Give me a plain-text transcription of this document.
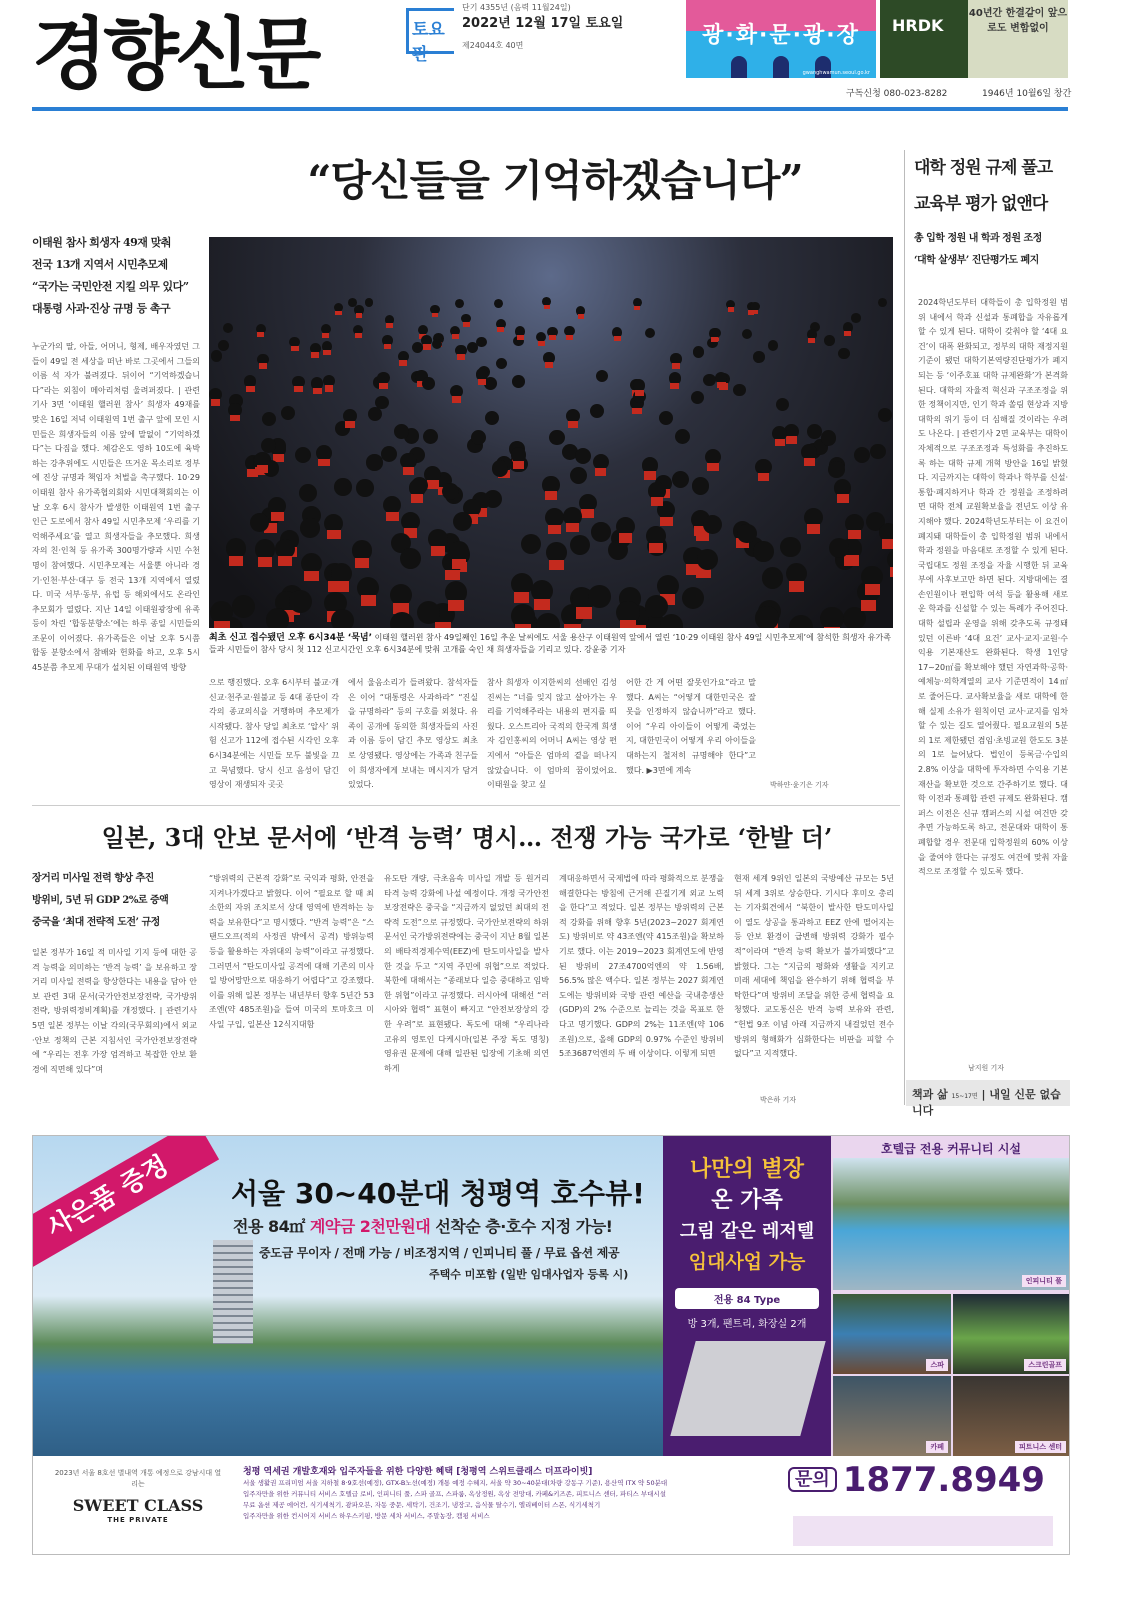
경향신문	토요판
단기 4355년 (음력 11월24일)
2022년 12월 17일 토요일
제24044호 40면	광·화·문·광·장
gwanghwamun.seoul.go.kr
HRDK
40년간 한결같이 앞으로도 변함없이
구독신청 080-023-8282	1946년 10월6일 창간
“당신들을 기억하겠습니다”
이태원 참사 희생자 49재 맞춰
전국 13개 지역서 시민추모제
“국가는 국민안전 지킬 의무 있다”
대통령 사과·진상 규명 등 촉구
누군가의 딸, 아들, 어머니, 형제, 배우자였던 그들이 49일 전 세상을 떠난 바로 그곳에서 그들의 이름 석 자가 불려졌다. 뒤이어 “기억하겠습니다”라는 외침이 메아리처럼 울려퍼졌다. | 관련기사 3면 ‘이태원 핼러윈 참사’ 희생자 49재를 맞은 16일 저녁 이태원역 1번 출구 앞에 모인 시민들은 희생자들의 이름 앞에 말없이 “기억하겠다”는 다짐을 했다. 체감온도 영하 10도에 육박하는 강추위에도 시민들은 뜨거운 목소리로 정부에 진상 규명과 책임자 처벌을 촉구했다. 10·29 이태원 참사 유가족협의회와 시민대책회의는 이날 오후 6시 참사가 발생한 이태원역 1번 출구 인근 도로에서 참사 49일 시민추모제 ‘우리를 기억해주세요’를 열고 희생자들을 추모했다. 희생자의 친·인척 등 유가족 300명가량과 시민 수천명이 참여했다. 시민추모제는 서울뿐 아니라 경기·인천·부산·대구 등 전국 13개 지역에서 열렸다. 미국 서부·동부, 유럽 등 해외에서도 온라인 추모회가 열렸다. 지난 14일 이태원광장에 유족 등이 차린 ‘합동분향소’에는 하루 종일 시민들의 조문이 이어졌다. 유가족들은 이날 오후 5시쯤 합동 분향소에서 참배와 헌화를 하고, 오후 5시45분쯤 추모제 무대가 설치된 이태원역 방향
최초 신고 접수됐던 오후 6시34분 ‘묵념’ 이태원 핼러윈 참사 49일째인 16일 추운 날씨에도 서울 용산구 이태원역 앞에서 열린 ‘10·29 이태원 참사 49일 시민추모제’에 참석한 희생자 유가족들과 시민들이 참사 당시 첫 112 신고시간인 오후 6시34분에 맞춰 고개를 숙인 채 희생자들을 기리고 있다. 강윤중 기자
으로 행진했다. 오후 6시부터 불교·개신교·천주교·원불교 등 4대 종단이 각각의 종교의식을 거행하며 추모제가 시작됐다. 참사 당일 최초로 ‘압사’ 위험 신고가 112에 접수된 시각인 오후 6시34분에는 시민들 모두 불빛을 끄고 묵념했다. 당시 신고 음성이 담긴 영상이 재생되자 곳곳
에서 울음소리가 들려왔다. 참석자들은 이어 “대통령은 사과하라” “진실을 규명하라” 등의 구호를 외쳤다. 유족이 공개에 동의한 희생자들의 사진과 이름 등이 담긴 추모 영상도 최초로 상영됐다. 영상에는 가족과 친구들이 희생자에게 보내는 메시지가 담겨 있었다.
참사 희생자 이지한씨의 선배인 김성진씨는 “너를 잊지 않고 살아가는 우리를 기억해주라는 내용의 편지를 띄웠다. 오스트리아 국적의 한국계 희생자 김인홍씨의 어머니 A씨는 영상 편지에서 “아들은 엄마의 곁을 떠나지 않았습니다. 이 엄마의 꿈이었어요. 이태원을 찾고 싶
어한 간 게 어떤 잘못인가요”라고 말했다. A씨는 “어떻게 대한민국은 잘못을 인정하지 않습니까”라고 했다. 이어 “우리 아이들이 어떻게 죽었는지, 대한민국이 어떻게 우리 아이들을 대하는지 철저히 규명해야 한다”고 했다. ▶3면에 계속
박하얀·윤기은 기자
대학 정원 규제 풀고
교육부 평가 없앤다
총 입학 정원 내 학과 정원 조정
‘대학 살생부’ 진단평가도 폐지
2024학년도부터 대학들이 총 입학정원 범위 내에서 학과 신설과 통폐합을 자유롭게 할 수 있게 된다. 대학이 갖춰야 할 ‘4대 요건’이 대폭 완화되고, 정부의 대학 재정지원 기준이 됐던 대학기본역량진단평가가 폐지되는 등 ‘이주호표 대학 규제완화’가 본격화된다. 대학의 자율적 혁신과 구조조정을 위한 정책이지만, 인기 학과 쏠림 현상과 지방대학의 위기 등이 더 심해질 것이라는 우려도 나온다. | 관련기사 2면 교육부는 대학이 자체적으로 구조조정과 특성화를 추진하도록 하는 대학 규제 개혁 방안을 16일 밝혔다. 지금까지는 대학이 학과나 학부를 신설·통합·폐지하거나 학과 간 정원을 조정하려면 대학 전체 교원확보율을 전년도 이상 유지해야 했다. 2024학년도부터는 이 요건이 폐지돼 대학들이 총 입학정원 범위 내에서 학과 정원을 마음대로 조정할 수 있게 된다. 국립대도 정원 조정을 자율 시행한 뒤 교육부에 사후보고만 하면 된다. 지방대에는 결손인원이나 편입학 여석 등을 활용해 새로운 학과를 신설할 수 있는 특례가 주어진다. 대학 설립과 운영을 위해 갖추도록 규정돼 있던 이른바 ‘4대 요건’ 교사·교지·교원·수익용 기본재산도 완화된다. 학생 1인당 17~20㎡를 확보해야 했던 자연과학·공학·예체능·의학계열의 교사 기준면적이 14㎡로 줄어든다. 교사확보율을 새로 대학에 한해 실제 소유가 원칙이던 교사·교지를 임차할 수 있는 길도 열어줬다. 필요교원의 5분의 1로 제한됐던 겸임·초빙교원 한도도 3분의 1로 늘어났다. 법인이 등록금·수입의 2.8% 이상을 대학에 투자하면 수익용 기본재산을 확보한 것으로 간주하기로 했다. 대학 이전과 통폐합 관련 규제도 완화된다. 캠퍼스 이전은 신규 캠퍼스의 시설 여건만 갖추면 가능하도록 하고, 전문대와 대학이 통폐합할 경우 전문대 입학정원의 60% 이상을 줄여야 한다는 규정도 여건에 맞춰 자율적으로 조정할 수 있도록 했다.
남지원 기자
일본, 3대 안보 문서에 ‘반격 능력’ 명시… 전쟁 가능 국가로 ‘한발 더’
장거리 미사일 전력 향상 추진
방위비, 5년 뒤 GDP 2%로 증액
중국을 ‘최대 전략적 도전’ 규정
일본 정부가 16일 적 미사일 기지 등에 대한 공격 능력을 의미하는 ‘반격 능력’ 을 보유하고 장거리 미사일 전력을 향상한다는 내용을 담아 안보 관련 3대 문서(국가안전보장전략, 국가방위전략, 방위력정비계획)를 개정했다. | 관련기사 5면 일본 정부는 이날 각의(국무회의)에서 외교·안보 정책의 근본 지침서인 국가안전보장전략에 “우리는 전후 가장 엄격하고 복잡한 안보 환경에 직면해 있다”며
“방위력의 근본적 강화”로 국익과 평화, 안전을 지켜나가겠다고 밝혔다. 이어 “필요로 할 때 최소한의 자위 조치로서 상대 영역에 반격하는 능력을 보유한다”고 명시했다. “반격 능력”은 “스탠드오프(적의 사정권 밖에서 공격) 방위능력 등을 활용하는 자위대의 능력”이라고 규정했다. 그러면서 “탄도미사일 공격에 대해 기존의 미사일 방어망만으로 대응하기 어렵다”고 강조했다. 이를 위해 일본 정부는 내년부터 향후 5년간 53조엔(약 485조원)을 들여 미국의 토마호크 미사일 구입, 일본산 12식지대함
유도탄 개량, 극초음속 미사일 개발 등 원거리 타격 능력 강화에 나설 예정이다. 개정 국가안전보장전략은 중국을 “지금까지 없었던 최대의 전략적 도전”으로 규정했다. 국가안보전략의 하위문서인 국가방위전략에는 중국이 지난 8월 일본의 배타적경제수역(EEZ)에 탄도미사일을 발사한 것을 두고 “지역 주민에 위협”으로 적었다. 북한에 대해서는 “종래보다 일층 중대하고 임박한 위협”이라고 규정했다. 러시아에 대해선 “러시아와 협력” 표현이 빠지고 “안전보장상의 강한 우려”로 표현됐다. 독도에 대해 “우리나라 고유의 영토인 다케시마(일본 주장 독도 명칭) 영유권 문제에 대해 일관된 입장에 기초해 의연하게
계대응하면서 국제법에 따라 평화적으로 분쟁을 해결한다는 방침에 근거해 끈질기게 외교 노력을 한다”고 적었다. 일본 정부는 방위력의 근본적 강화를 위해 향후 5년(2023~2027 회계연도) 방위비로 약 43조엔(약 415조원)을 확보하기로 했다. 이는 2019~2023 회계연도에 반영된 방위비 27조4700억엔의 약 1.56배, 56.5% 많은 액수다. 일본 정부는 2027 회계연도에는 방위비와 국방 관련 예산을 국내총생산(GDP)의 2% 수준으로 늘리는 것을 목표로 한다고 명기했다. GDP의 2%는 11조엔(약 106조원)으로, 올해 GDP의 0.97% 수준인 방위비 5조3687억엔의 두 배 이상이다. 이렇게 되면
현재 세계 9위인 일본의 국방예산 규모는 5년 뒤 세계 3위로 상승한다. 기시다 후미오 총리는 기자회견에서 “북한이 발사한 탄도미사일이 열도 상공을 통과하고 EEZ 안에 떨어지는 등 안보 환경이 급변해 방위력 강화가 필수적”이라며 “반격 능력 확보가 불가피했다”고 밝혔다. 그는 “지금의 평화와 생활을 지키고 미래 세대에 책임을 완수하기 위해 협력을 부탁한다”며 방위비 조달을 위한 증세 협력을 요청했다. 교도통신은 반격 능력 보유와 관련, “헌법 9조 이념 아래 지금까지 내걸었던 전수방위의 형해화가 심화한다는 비판을 피할 수 없다”고 지적했다.
박은하 기자	책과 삶 15~17면 | 내일 신문 없습니다
사은품 증정	서울 30~40분대 청평역 호수뷰!
전용 84㎡ 계약금 2천만원대 선착순 층·호수 지정 가능!
중도금 무이자 / 전매 가능 / 비조정지역 / 인피니티 풀 / 무료 옵션 제공
주택수 미포함 (일반 임대사업자 등록 시)
나만의 별장
온 가족
그림 같은 레저텔
임대사업 가능
전용 84 Type
방 3개, 팬트리, 화장실 2개
호텔급 전용 커뮤니티 시설
인피니티 풀
스파	스크린골프
카페	피트니스 센터
2023년 서울 8호선 별내역 개통 예정으로 강남시대 열리는
SWEET CLASS
THE PRIVATE
청평 역세권 개발호재와 입주자들을 위한 다양한 혜택 [청평역 스위트클래스 더프라이빗]
서울 생활권 프리미엄 서울 지하철 8·9호선(예정), GTX-B노선(예정) 개통 예정 수혜지, 서울 약 30~40분대(차량 강동구 기준), 용산역 ITX 약 50분대
입주자만을 위한 커뮤니티 서비스 호텔급 로비, 인피니티 풀, 스파 골프, 스파룸, 옥상정원, 옥상 전망대, 카페&키즈존, 피트니스 센터, 파티스 부대시설
무료 옵션 제공 에어컨, 식기세척기, 광파오븐, 자동 중문, 세탁기, 건조기, 냉장고, 음식물 탈수기, 엘리베이터 스폰, 식기세척기
입주자만을 위한 컨시어지 서비스 하우스키핑, 방문 세차 서비스, 주말농장, 캠핑 서비스
문의 1877.8949
